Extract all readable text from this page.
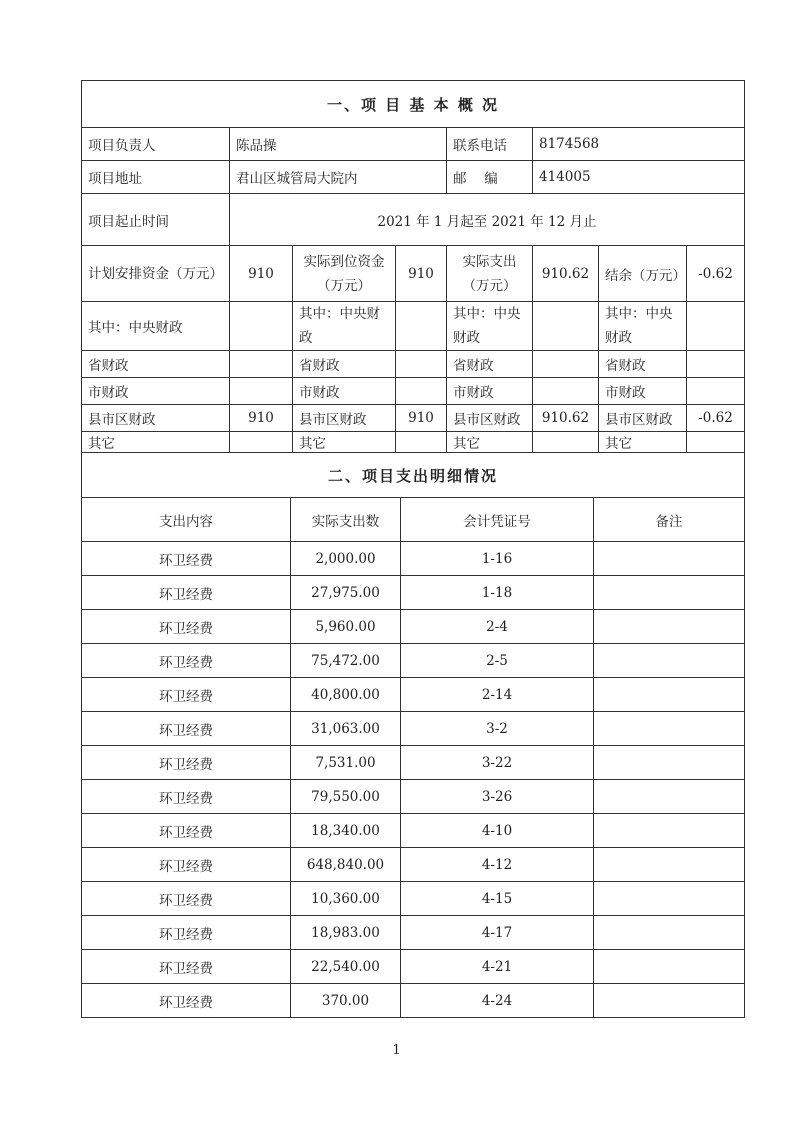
一、项 目 基 本 概 况							
项目负责人	陈品操			联系电话	8174568		
项目地址	君山区城管局大院内			邮　 编	414005		
项目起止时间	2021 年 1 月起至 2021 年 12 月止						
计划安排资金（万元）	910	实际到位资金（万元）	910	实际支出（万元）	910.62	结余（万元）	-0.62
其中：中央财政		其中：中央财政		其中：中央财政		其中：中央财政	
省财政		省财政		省财政		省财政	
市财政		市财政		市财政		市财政	
县市区财政	910	县市区财政	910	县市区财政	910.62	县市区财政	-0.62
其它		其它		其它		其它	
二、项目支出明细情况			
支出内容	实际支出数	会计凭证号	备注
环卫经费	2,000.00	1-16	
环卫经费	27,975.00	1-18	
环卫经费	5,960.00	2-4	
环卫经费	75,472.00	2-5	
环卫经费	40,800.00	2-14	
环卫经费	31,063.00	3-2	
环卫经费	7,531.00	3-22	
环卫经费	79,550.00	3-26	
环卫经费	18,340.00	4-10	
环卫经费	648,840.00	4-12	
环卫经费	10,360.00	4-15	
环卫经费	18,983.00	4-17	
环卫经费	22,540.00	4-21	
环卫经费	370.00	4-24	
1
